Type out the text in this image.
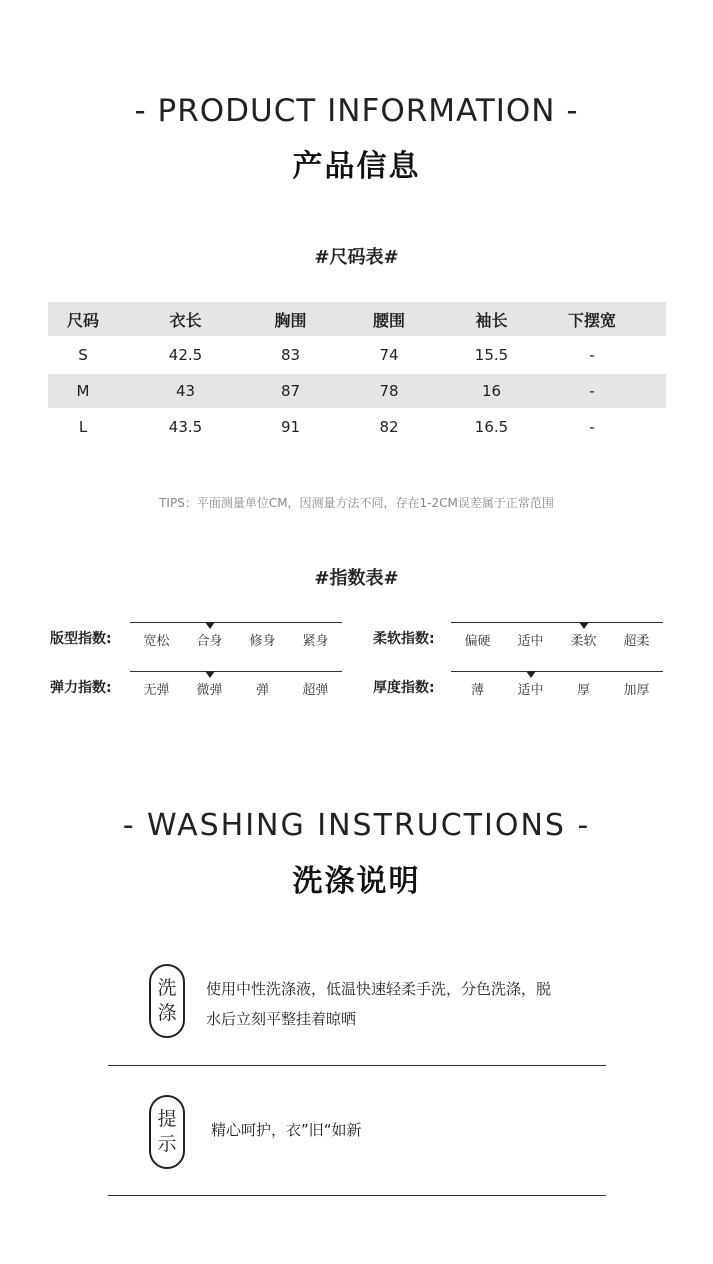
- PRODUCT INFORMATION -
产品信息
#尺码表#
尺码	衣长	胸围	腰围	袖长	下摆宽
S	42.5	83	74	15.5	-
M	43	87	78	16	-
L	43.5	91	82	16.5	-
TIPS：平面测量单位CM，因测量方法不同，存在1-2CM误差属于正常范围
#指数表#
版型指数:	宽松	合身	修身	紧身	柔软指数:	偏硬	适中	柔软	超柔
弹力指数:	无弹	微弹	弹	超弹	厚度指数:	薄	适中	厚	加厚
- WASHING INSTRUCTIONS -
洗涤说明
洗
涤
使用中性洗涤液，低温快速轻柔手洗，分色洗涤，脱
水后立刻平整挂着晾晒
提
示
精心呵护，衣”旧“如新
